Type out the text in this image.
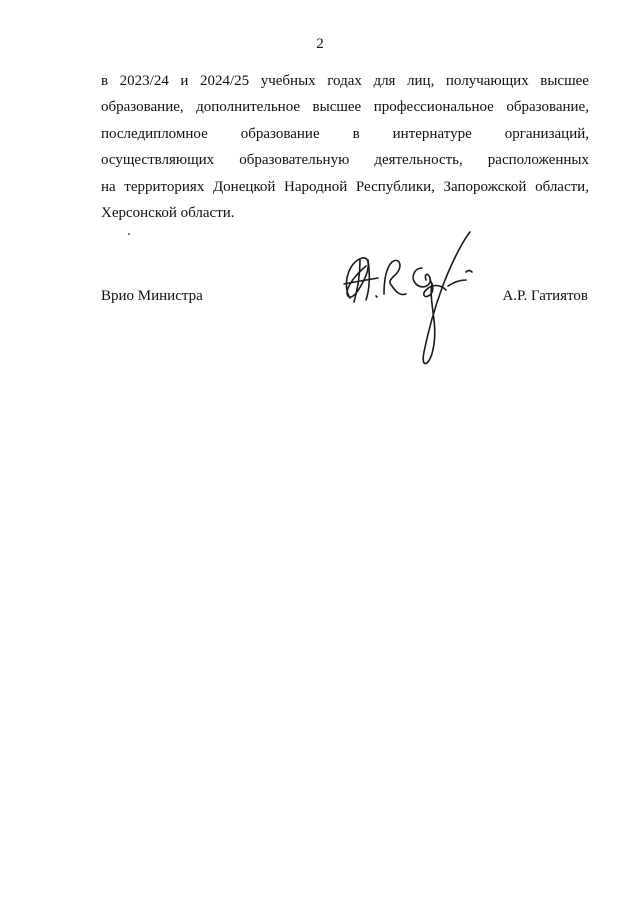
2
в 2023/24 и 2024/25 учебных годах для лиц, получающих высшее
образование, дополнительное высшее профессиональное образование,
последипломное образование в интернатуре организаций,
осуществляющих образовательную деятельность, расположенных
на территориях Донецкой Народной Республики, Запорожской области,
Херсонской области.
Врио Министра	А.Р. Гатиятов
